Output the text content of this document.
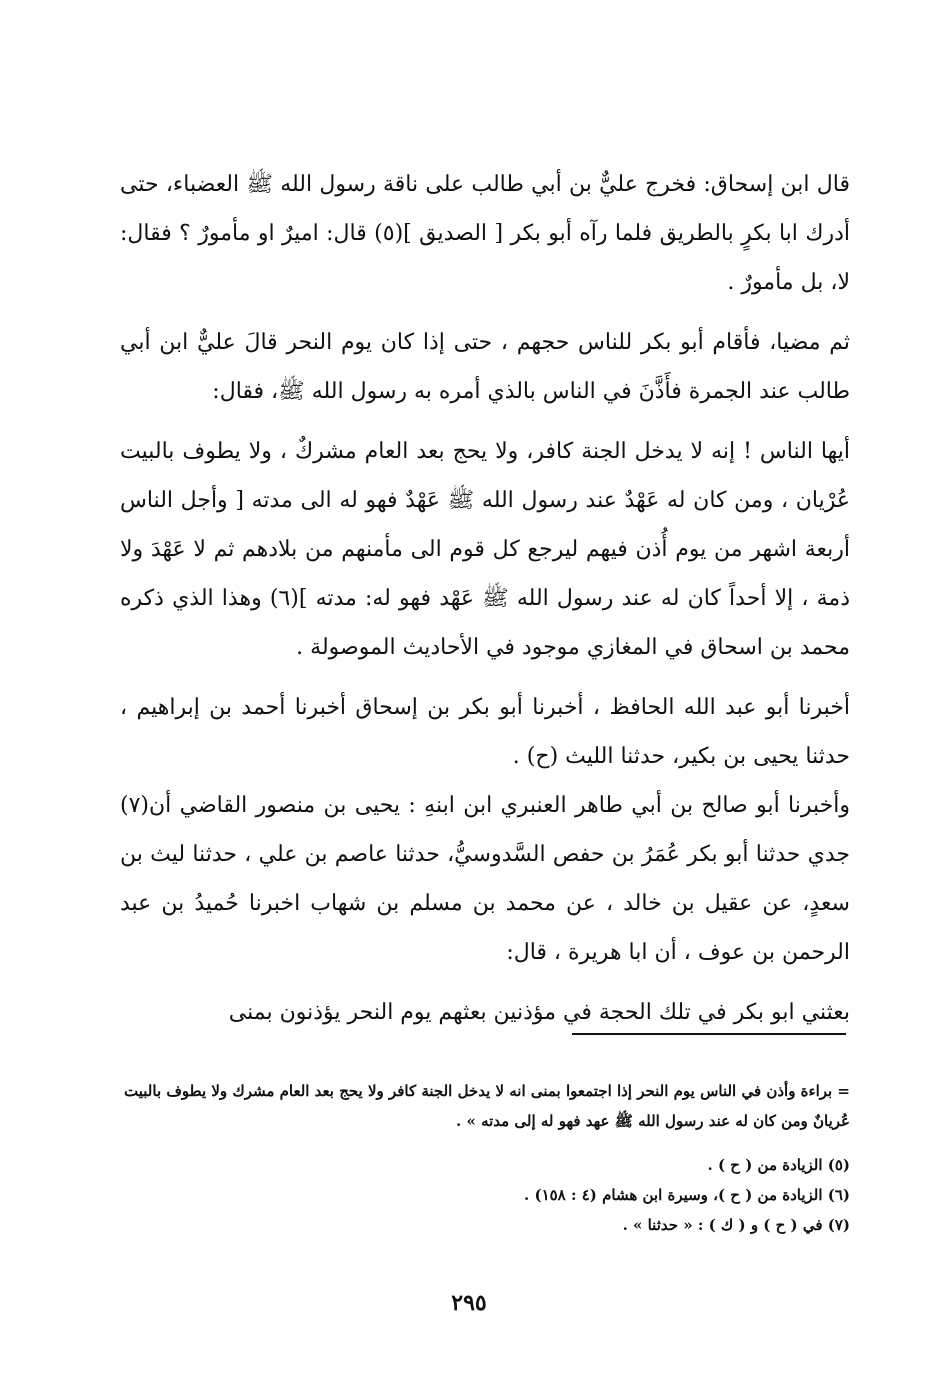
قال ابن إسحاق: فخرج عليٌّ بن أبي طالب على ناقة رسول الله ﷺ العضباء، حتى أدرك ابا بكرٍ بالطريق فلما رآه أبو بكر [ الصديق ](٥) قال: اميرٌ او مأمورٌ ؟ فقال: لا، بل مأمورٌ .

ثم مضيا، فأقام أبو بكر للناس حجهم ، حتى إذا كان يوم النحر قالَ عليٌّ ابن أبي طالب عند الجمرة فأَذَّنَ في الناس بالذي أمره به رسول الله ﷺ، فقال:

أيها الناس ! إنه لا يدخل الجنة كافر، ولا يحج بعد العام مشركٌ ، ولا يطوف بالبيت عُرْيان ، ومن كان له عَهْدٌ عند رسول الله ﷺ عَهْدٌ فهو له الى مدته [ وأجل الناس أربعة اشهر من يوم أُذن فيهم ليرجع كل قوم الى مأمنهم من بلادهم ثم لا عَهْدَ ولا ذمة ، إلا أحداً كان له عند رسول الله ﷺ عَهْد فهو له: مدته ](٦) وهذا الذي ذكره محمد بن اسحاق في المغازي موجود في الأحاديث الموصولة .

أخبرنا أبو عبد الله الحافظ ، أخبرنا أبو بكر بن إسحاق أخبرنا أحمد بن إبراهيم ، حدثنا يحيى بن بكير، حدثنا الليث (ح) .

وأخبرنا أبو صالح بن أبي طاهر العنبري ابن ابنهِ : يحيى بن منصور القاضي أن(٧) جدي حدثنا أبو بكر عُمَرُ بن حفص السَّدوسيُّ، حدثنا عاصم بن علي ، حدثنا ليث بن سعدٍ، عن عقيل بن خالد ، عن محمد بن مسلم بن شهاب اخبرنا حُميدُ بن عبد الرحمن بن عوف ، أن ابا هريرة ، قال:

بعثني ابو بكر في تلك الحجة في مؤذنين بعثهم يوم النحر يؤذنون بمنى

= براءة وأذن في الناس يوم النحر إذا اجتمعوا بمنى انه لا يدخل الجنة كافر ولا يحج بعد العام مشرك ولا يطوف بالبيت عُريانٌ ومن كان له عند رسول الله ﷺ عهد فهو له إلى مدته » .

(٥) الزيادة من ( ح ) .

(٦) الزيادة من ( ح )، وسيرة ابن هشام (٤ : ١٥٨) .

(٧) في ( ح ) و ( ك ) : « حدثنا » .

٢٩٥
